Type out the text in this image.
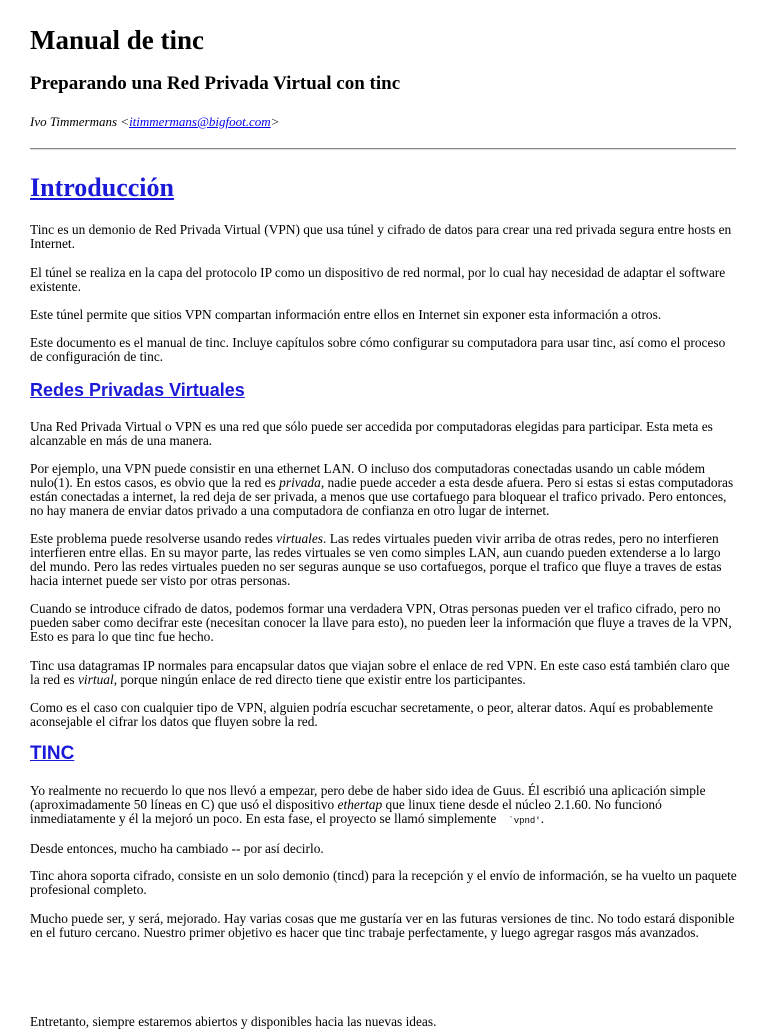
Manual de tinc
Preparando una Red Privada Virtual con tinc
Ivo Timmermans <itimmermans@bigfoot.com>
Introducción

Tinc es un demonio de Red Privada Virtual (VPN) que usa túnel y cifrado de datos para crear una red privada segura entre hosts en Internet.

El túnel se realiza en la capa del protocolo IP como un dispositivo de red normal, por lo cual hay necesidad de adaptar el software existente.

Este túnel permite que sitios VPN compartan información entre ellos en Internet sin exponer esta información a otros.

Este documento es el manual de tinc. Incluye capítulos sobre cómo configurar su computadora para usar tinc, así como el proceso de configuración de tinc.

Redes Privadas Virtuales

Una Red Privada Virtual o VPN es una red que sólo puede ser accedida por computadoras elegidas para participar. Esta meta es alcanzable en más de una manera.

Por ejemplo, una VPN puede consistir en una ethernet LAN. O incluso dos computadoras conectadas usando un cable módem nulo(1). En estos casos, es obvio que la red es privada, nadie puede acceder a esta desde afuera. Pero si estas si estas computadoras están conectadas a internet, la red deja de ser privada, a menos que use cortafuego para bloquear el trafico privado. Pero entonces, no hay manera de enviar datos privado a una computadora de confianza en otro lugar de internet.

Este problema puede resolverse usando redes virtuales. Las redes virtuales pueden vivir arriba de otras redes, pero no interfieren interfieren entre ellas. En su mayor parte, las redes virtuales se ven como simples LAN, aun cuando pueden extenderse a lo largo del mundo. Pero las redes virtuales pueden no ser seguras aunque se uso cortafuegos, porque el trafico que fluye a traves de estas hacia internet puede ser visto por otras personas.

Cuando se introduce cifrado de datos, podemos formar una verdadera VPN, Otras personas pueden ver el trafico cifrado, pero no pueden saber como decifrar este (necesitan conocer la llave para esto), no pueden leer la información que fluye a traves de la VPN, Esto es para lo que tinc fue hecho.

Tinc usa datagramas IP normales para encapsular datos que viajan sobre el enlace de red VPN. En este caso está también claro que la red es virtual, porque ningún enlace de red directo tiene que existir entre los participantes.

Como es el caso con cualquier tipo de VPN, alguien podría escuchar secretamente, o peor, alterar datos. Aquí es probablemente aconsejable el cifrar los datos que fluyen sobre la red.

TINC

Yo realmente no recuerdo lo que nos llevó a empezar, pero debe de haber sido idea de Guus. Él escribió una aplicación simple (aproximadamente 50 líneas en C) que usó el dispositivo ethertap que linux tiene desde el núcleo 2.1.60. No funcionó inmediatamente y él la mejoró un poco. En esta fase, el proyecto se llamó simplemente `vpnd'.

Desde entonces, mucho ha cambiado -- por así decirlo.

Tinc ahora soporta cifrado, consiste en un solo demonio (tincd) para la recepción y el envío de información, se ha vuelto un paquete profesional completo.

Mucho puede ser, y será, mejorado. Hay varias cosas que me gustaría ver en las futuras versiones de tinc. No todo estará disponible en el futuro cercano. Nuestro primer objetivo es hacer que tinc trabaje perfectamente, y luego agregar rasgos más avanzados.

Entretanto, siempre estaremos abiertos y disponibles hacia las nuevas ideas.
